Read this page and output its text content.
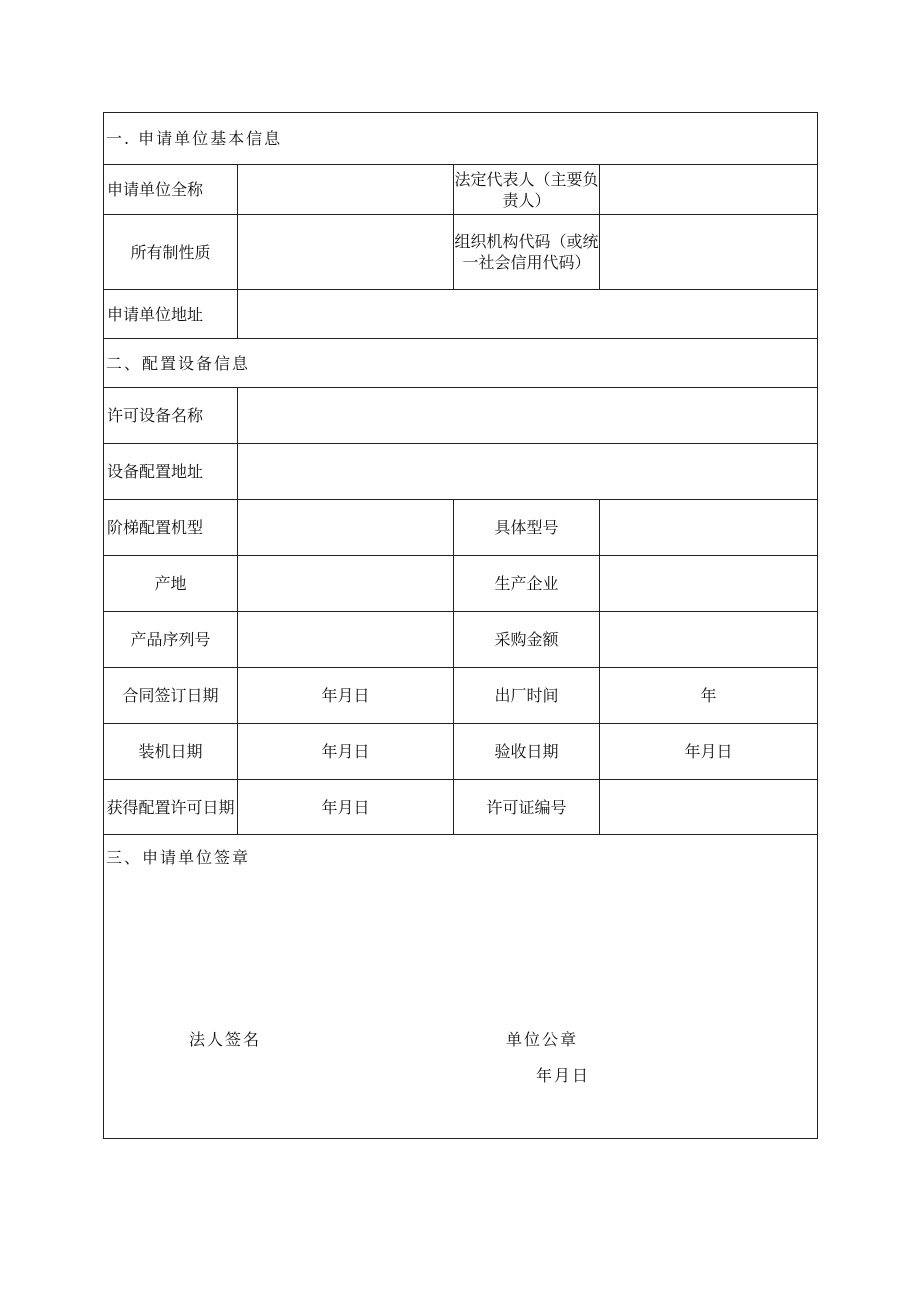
一. 申请单位基本信息			
申请单位全称		法定代表人（主要负责人）	
所有制性质		组织机构代码（或统一社会信用代码）	
申请单位地址			
二、配置设备信息			
许可设备名称			
设备配置地址			
阶梯配置机型		具体型号	
产地		生产企业	
产品序列号		采购金额	
合同签订日期	年月日	出厂时间	年
装机日期	年月日	验收日期	年月日
获得配置许可日期	年月日	许可证编号	

三、申请单位签章
法人签名 单位公章
年月日			
